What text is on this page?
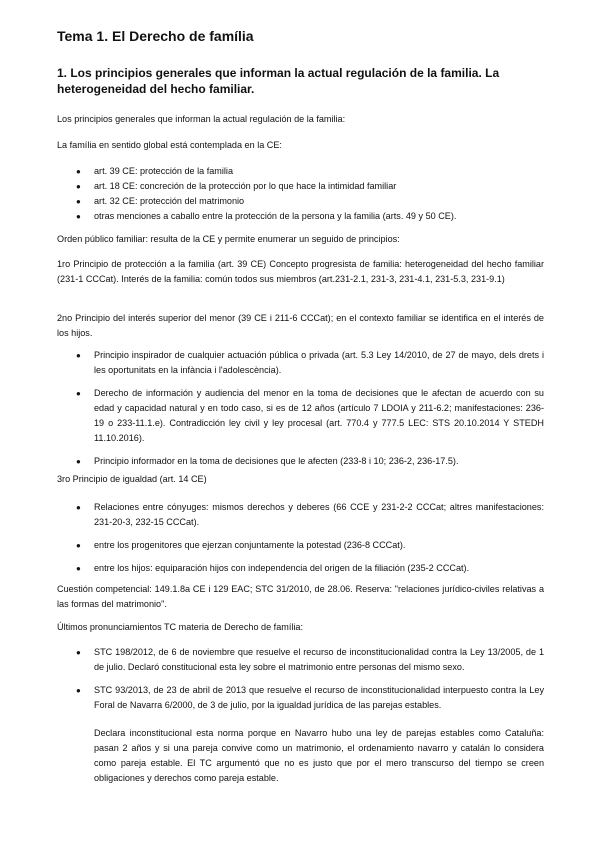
Tema 1. El Derecho de família
1. Los principios generales que informan la actual regulación de la familia. La heterogeneidad del hecho familiar.

Los principios generales que informan la actual regulación de la familia:

La família en sentido global está contemplada en la CE:

● art. 39 CE: protección de la familia
● art. 18 CE: concreción de la protección por lo que hace la intimidad familiar
● art. 32 CE: protección del matrimonio
● otras menciones a caballo entre la protección de la persona y la familia (arts. 49 y 50 CE).

Orden público familiar: resulta de la CE y permite enumerar un seguido de principios:

1ro Principio de protección a la familia (art. 39 CE) Concepto progresista de familia: heterogeneidad del hecho familiar (231-1 CCCat). Interés de la familia: común todos sus miembros (art.231-2.1, 231-3, 231-4.1, 231-5.3, 231-9.1)

2no Principio del interés superior del menor (39 CE i 211-6 CCCat); en el contexto familiar se identifica en el interés de los hijos.

● Principio inspirador de cualquier actuación pública o privada (art. 5.3 Ley 14/2010, de 27 de mayo, dels drets i les oportunitats en la infància i l'adolescència).
● Derecho de información y audiencia del menor en la toma de decisiones que le afectan de acuerdo con su edad y capacidad natural y en todo caso, si es de 12 años (artículo 7 LDOIA y 211-6.2; manifestaciones: 236-19 o 233-11.1.e). Contradicción ley civil y ley procesal (art. 770.4 y 777.5 LEC: STS 20.10.2014 Y STEDH 11.10.2016).
● Principio informador en la toma de decisiones que le afecten (233-8 i 10; 236-2, 236-17.5).

3ro Principio de igualdad (art. 14 CE)

● Relaciones entre cónyuges: mismos derechos y deberes (66 CCE y 231-2-2 CCCat; altres manifestaciones: 231-20-3, 232-15 CCCat).
● entre los progenitores que ejerzan conjuntamente la potestad (236-8 CCCat).
● entre los hijos: equiparación hijos con independencia del origen de la filiación (235-2 CCCat).

Cuestión competencial: 149.1.8a CE i 129 EAC; STC 31/2010, de 28.06. Reserva: "relaciones jurídico-civiles relativas a las formas del matrimonio".

Últimos pronunciamientos TC materia de Derecho de família:

● STC 198/2012, de 6 de noviembre que resuelve el recurso de inconstitucionalidad contra la Ley 13/2005, de 1 de julio. Declaró constitucional esta ley sobre el matrimonio entre personas del mismo sexo.
● STC 93/2013, de 23 de abril de 2013 que resuelve el recurso de inconstitucionalidad interpuesto contra la Ley Foral de Navarra 6/2000, de 3 de julio, por la igualdad jurídica de las parejas estables.

Declara inconstitucional esta norma porque en Navarro hubo una ley de parejas estables como Cataluña: pasan 2 años y si una pareja convive como un matrimonio, el ordenamiento navarro y catalán lo considera como pareja estable. El TC argumentó que no es justo que por el mero transcurso del tiempo se creen obligaciones y derechos como pareja estable.
